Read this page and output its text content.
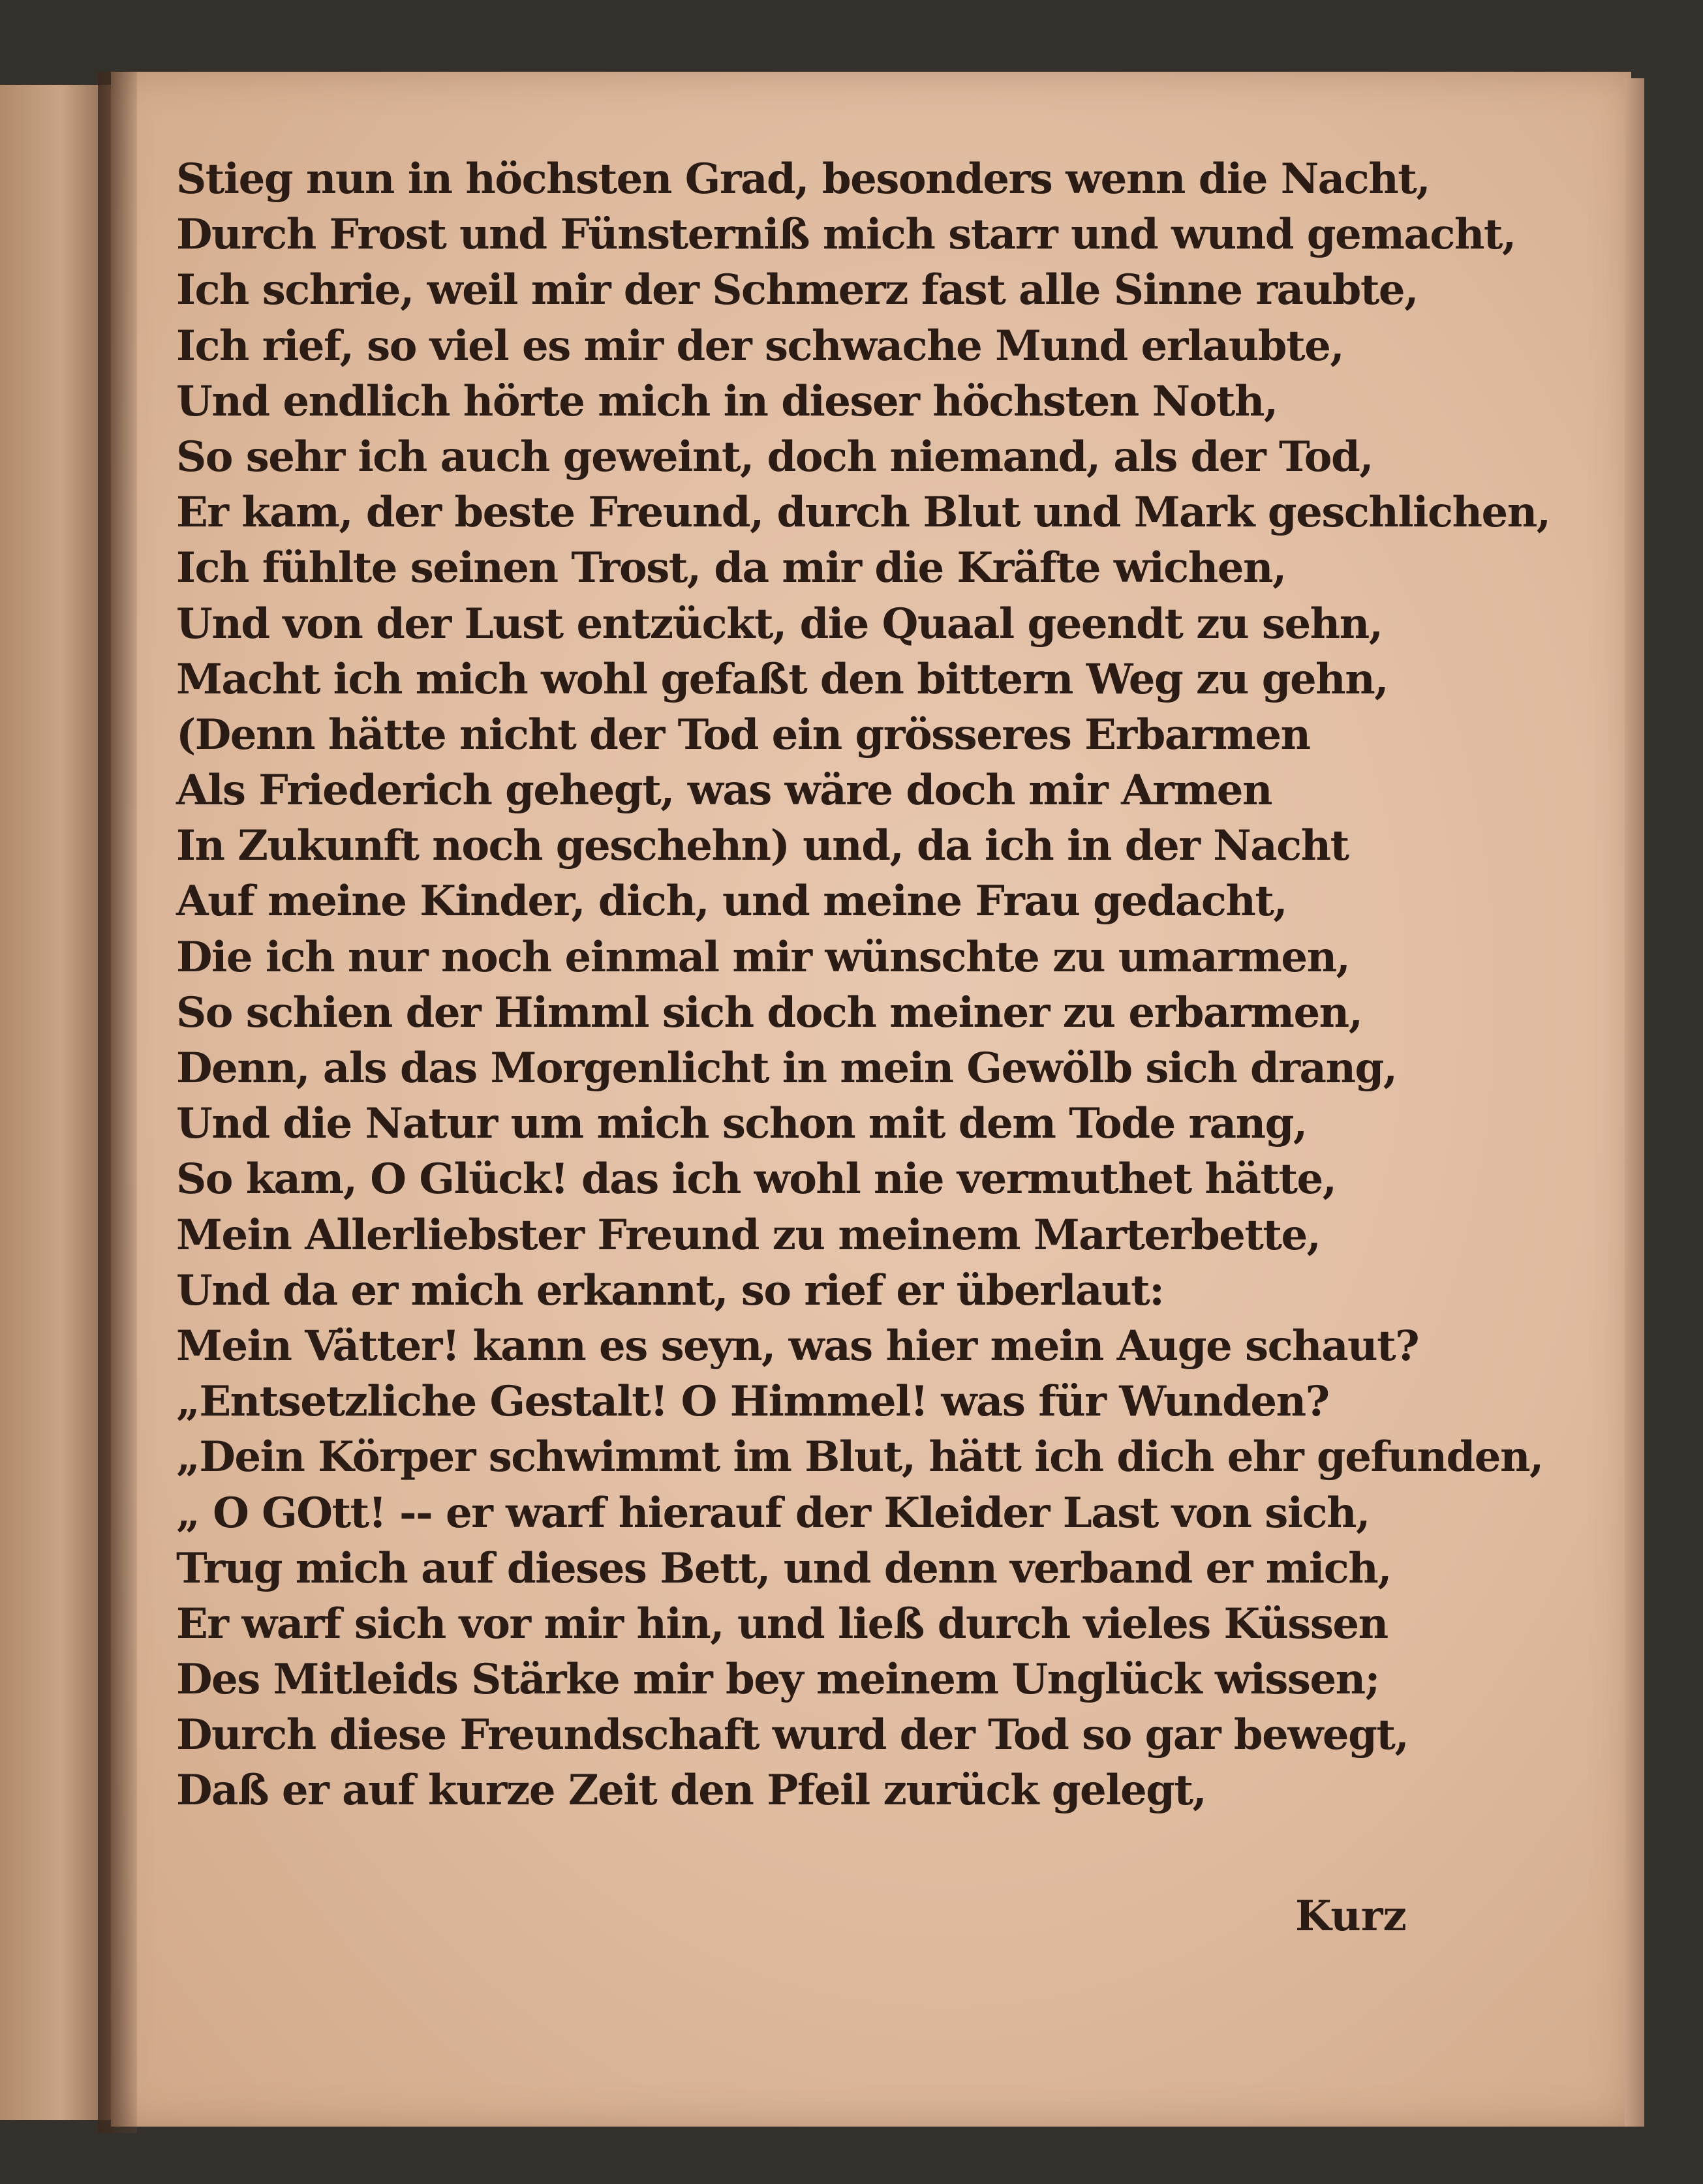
Stieg nun in höchsten Grad, besonders wenn die Nacht,
Durch Frost und Fünsterniß mich starr und wund gemacht,
Ich schrie, weil mir der Schmerz fast alle Sinne raubte,
Ich rief, so viel es mir der schwache Mund erlaubte,
Und endlich hörte mich in dieser höchsten Noth,
So sehr ich auch geweint, doch niemand, als der Tod,
Er kam, der beste Freund, durch Blut und Mark geschlichen,
Ich fühlte seinen Trost, da mir die Kräfte wichen,
Und von der Lust entzückt, die Quaal geendt zu sehn,
Macht ich mich wohl gefaßt den bittern Weg zu gehn,
(Denn hätte nicht der Tod ein grösseres Erbarmen
Als Friederich gehegt, was wäre doch mir Armen
In Zukunft noch geschehn) und, da ich in der Nacht
Auf meine Kinder, dich, und meine Frau gedacht,
Die ich nur noch einmal mir wünschte zu umarmen,
So schien der Himml sich doch meiner zu erbarmen,
Denn, als das Morgenlicht in mein Gewölb sich drang,
Und die Natur um mich schon mit dem Tode rang,
So kam, O Glück! das ich wohl nie vermuthet hätte,
Mein Allerliebster Freund zu meinem Marterbette,
Und da er mich erkannt, so rief er überlaut:
Mein Vätter! kann es seyn, was hier mein Auge schaut?
„Entsetzliche Gestalt! O Himmel! was für Wunden?
„Dein Körper schwimmt im Blut, hätt ich dich ehr gefunden,
„ O GOtt! -- er warf hierauf der Kleider Last von sich,
Trug mich auf dieses Bett, und denn verband er mich,
Er warf sich vor mir hin, und ließ durch vieles Küssen
Des Mitleids Stärke mir bey meinem Unglück wissen;
Durch diese Freundschaft wurd der Tod so gar bewegt,
Daß er auf kurze Zeit den Pfeil zurück gelegt,
Kurz
